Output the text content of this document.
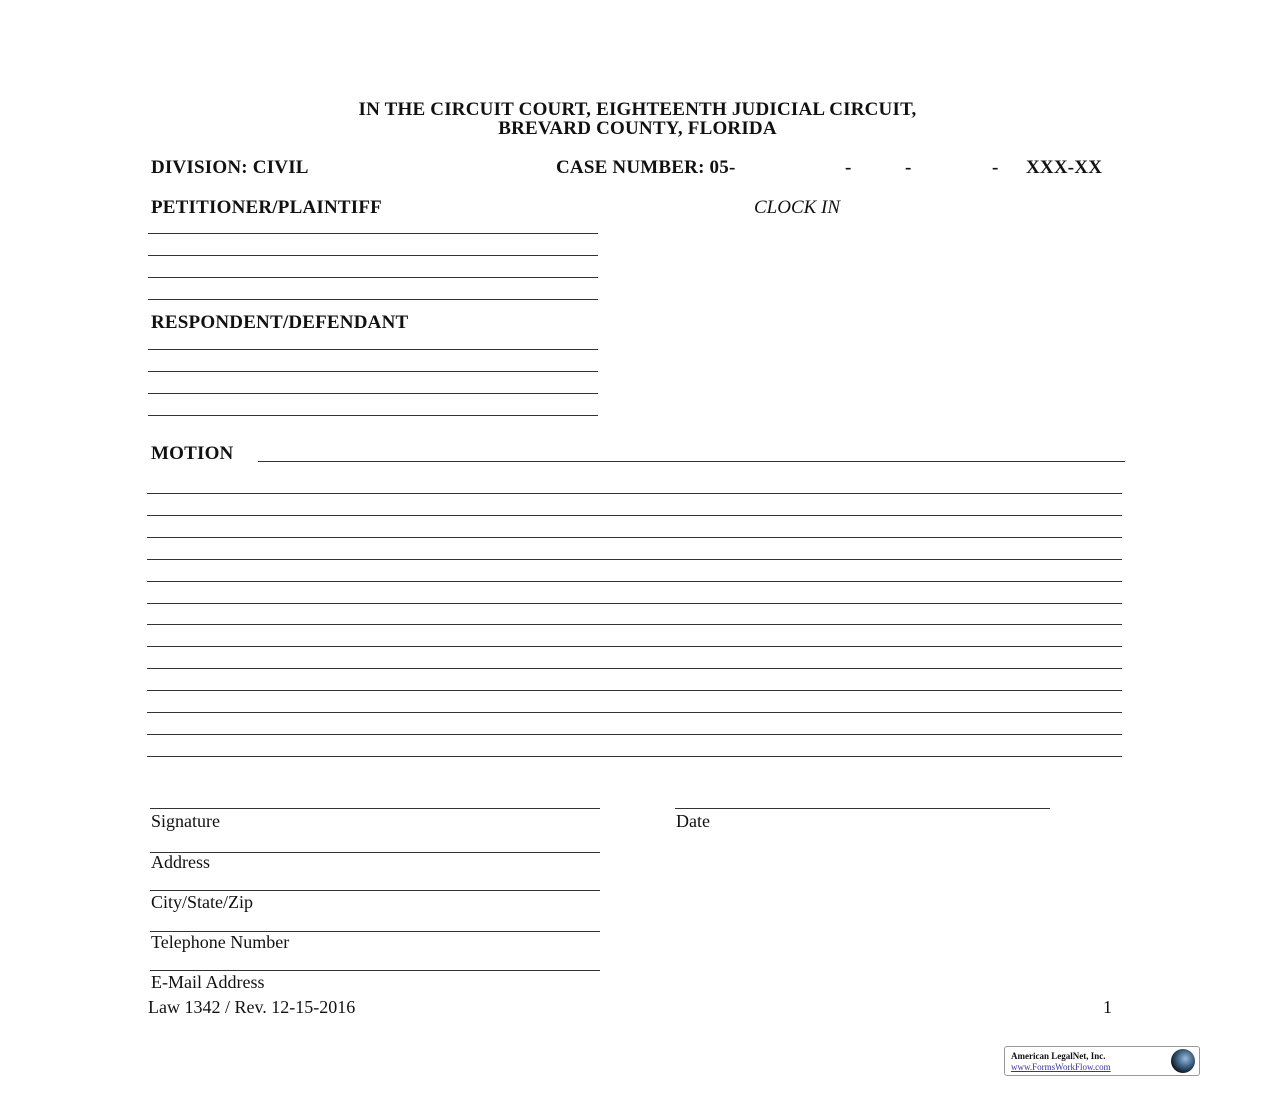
IN THE CIRCUIT COURT, EIGHTEENTH JUDICIAL CIRCUIT,
BREVARD COUNTY, FLORIDA
DIVISION: CIVIL	CASE NUMBER: 05-	-	-	- XXX-XX
PETITIONER/PLAINTIFF	CLOCK IN
RESPONDENT/DEFENDANT
MOTION
Signature	Date
Address
City/State/Zip
Telephone Number
E-Mail Address
Law 1342 / Rev. 12-15-2016	1
American LegalNet, Inc.
www.FormsWorkFlow.com
